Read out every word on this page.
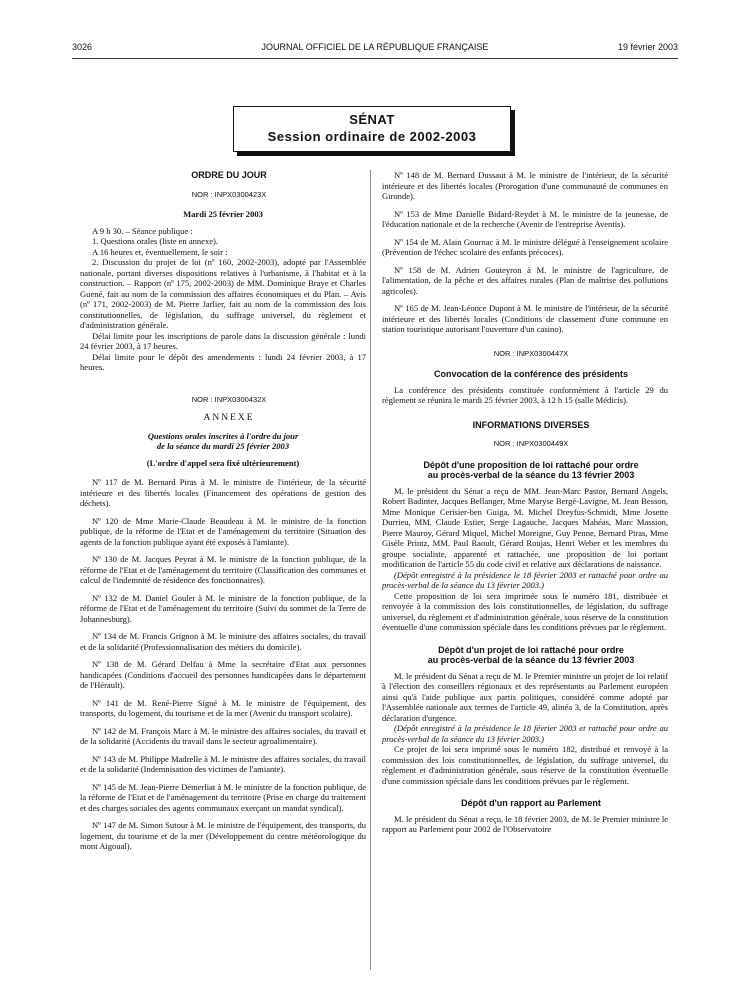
3026	JOURNAL OFFICIEL DE LA RÉPUBLIQUE FRANÇAISE	19 février 2003
SÉNAT
Session ordinaire de 2002-2003

ORDRE DU JOUR

NOR : INPX0300423X

Mardi 25 février 2003

A 9 h 30. – Séance publique :

1. Questions orales (liste en annexe).

A 16 heures et, éventuellement, le soir :

2. Discussion du projet de loi (nº 160, 2002-2003), adopté par l'Assemblée nationale, portant diverses dispositions relatives à l'urbanisme, à l'habitat et à la construction. – Rapport (nº 175, 2002-2003) de MM. Dominique Braye et Charles Guené, fait au nom de la commission des affaires économiques et du Plan. – Avis (nº 171, 2002-2003) de M. Pierre Jarlier, fait au nom de la commission des lois constitutionnelles, de législation, du suffrage universel, du règlement et d'administration générale.

Délai limite pour les inscriptions de parole dans la discussion générale : lundi 24 février 2003, à 17 heures.

Délai limite pour le dépôt des amendements : lundi 24 février 2003, à 17 heures.

NOR : INPX0300432X

ANNEXE

Questions orales inscrites à l'ordre du jour

de la séance du mardi 25 février 2003

(L'ordre d'appel sera fixé ultérieurement)

Nº 117 de M. Bernard Piras à M. le ministre de l'intérieur, de la sécurité intérieure et des libertés locales (Financement des opérations de gestion des déchets).

Nº 120 de Mme Marie-Claude Beaudeau à M. le ministre de la fonction publique, de la réforme de l'Etat et de l'aménagement du territoire (Situation des agents de la fonction publique ayant été exposés à l'amiante).

Nº 130 de M. Jacques Peyrat à M. le ministre de la fonction publique, de la réforme de l'Etat et de l'aménagement du territoire (Classification des communes et calcul de l'indemnité de résidence des fonctionnaires).

Nº 132 de M. Daniel Goulet à M. le ministre de la fonction publique, de la réforme de l'Etat et de l'aménagement du territoire (Suivi du sommet de la Terre de Johannesburg).

Nº 134 de M. Francis Grignon à M. le ministre des affaires sociales, du travail et de la solidarité (Professionnalisation des métiers du domicile).

Nº 138 de M. Gérard Delfau à Mme la secrétaire d'Etat aux personnes handicapées (Conditions d'accueil des personnes handicapées dans le département de l'Hérault).

Nº 141 de M. René-Pierre Signé à M. le ministre de l'équipement, des transports, du logement, du tourisme et de la mer (Avenir du transport scolaire).

Nº 142 de M. François Marc à M. le ministre des affaires sociales, du travail et de la solidarité (Accidents du travail dans le secteur agroalimentaire).

Nº 143 de M. Philippe Madrelle à M. le ministre des affaires sociales, du travail et de la solidarité (Indemnisation des victimes de l'amiante).

Nº 145 de M. Jean-Pierre Demerliat à M. le ministre de la fonction publique, de la réforme de l'Etat et de l'aménagement du territoire (Prise en charge du traitement et des charges sociales des agents communaux exerçant un mandat syndical).

Nº 147 de M. Simon Sutour à M. le ministre de l'équipement, des transports, du logement, du tourisme et de la mer (Développement du centre météorologique du mont Aigoual).

Nº 148 de M. Bernard Dussaut à M. le ministre de l'intérieur, de la sécurité intérieure et des libertés locales (Prorogation d'une communauté de communes en Gironde).

Nº 153 de Mme Danielle Bidard-Reydet à M. le ministre de la jeunesse, de l'éducation nationale et de la recherche (Avenir de l'entreprise Aventis).

Nº 154 de M. Alain Gournac à M. le ministre délégué à l'enseignement scolaire (Prévention de l'échec scolaire des enfants précoces).

Nº 158 de M. Adrien Gouteyron à M. le ministre de l'agriculture, de l'alimentation, de la pêche et des affaires rurales (Plan de maîtrise des pollutions agricoles).

Nº 165 de M. Jean-Léonce Dupont à M. le ministre de l'intérieur, de la sécurité intérieure et des libertés locales (Conditions de classement d'une commune en station touristique autorisant l'ouverture d'un casino).

NOR : INPX0300447X

Convocation de la conférence des présidents

La conférence des présidents constituée conformément à l'article 29 du règlement se réunira le mardi 25 février 2003, à 12 h 15 (salle Médicis).

INFORMATIONS DIVERSES

NOR : INPX0300449X

Dépôt d'une proposition de loi rattaché pour ordre

au procès-verbal de la séance du 13 février 2003

M. le président du Sénat a reçu de MM. Jean-Marc Pastor, Bernard Angels, Robert Badinter, Jacques Bellanger, Mme Maryse Bergé-Lavigne, M. Jean Besson, Mme Monique Cerisier-ben Guiga, M. Michel Dreyfus-Schmidt, Mme Josette Durrieu, MM. Claude Estier, Serge Lagauche, Jacques Mahéas, Marc Massion, Pierre Mauroy, Gérard Miquel, Michel Moreigne, Guy Penne, Bernard Piras, Mme Gisèle Printz, MM. Paul Raoult, Gérard Roujas, Henri Weber et les membres du groupe socialiste, apparenté et rattachée, une proposition de loi portant modification de l'article 55 du code civil et relative aux déclarations de naissance.

(Dépôt enregistré à la présidence le 18 février 2003 et rattaché pour ordre au procès-verbal de la séance du 13 février 2003.)

Cette proposition de loi sera imprimée sous le numéro 181, distribuée et renvoyée à la commission des lois constitutionnelles, de législation, du suffrage universel, du règlement et d'administration générale, sous réserve de la constitution éventuelle d'une commission spéciale dans les conditions prévues par le règlement.

Dépôt d'un projet de loi rattaché pour ordre

au procès-verbal de la séance du 13 février 2003

M. le président du Sénat a reçu de M. le Premier ministre un projet de loi relatif à l'élection des conseillers régionaux et des représentants au Parlement européen ainsi qu'à l'aide publique aux partis politiques, considéré comme adopté par l'Assemblée nationale aux termes de l'article 49, alinéa 3, de la Constitution, après déclaration d'urgence.

(Dépôt enregistré à la présidence le 18 février 2003 et rattaché pour ordre au procès-verbal de la séance du 13 février 2003.)

Ce projet de loi sera imprimé sous le numéro 182, distribué et renvoyé à la commission des lois constitutionnelles, de législation, du suffrage universel, du règlement et d'administration générale, sous réserve de la constitution éventuelle d'une commission spéciale dans les conditions prévues par le règlement.

Dépôt d'un rapport au Parlement

M. le président du Sénat a reçu, le 18 février 2003, de M. le Premier ministre le rapport au Parlement pour 2002 de l'Observatoire
